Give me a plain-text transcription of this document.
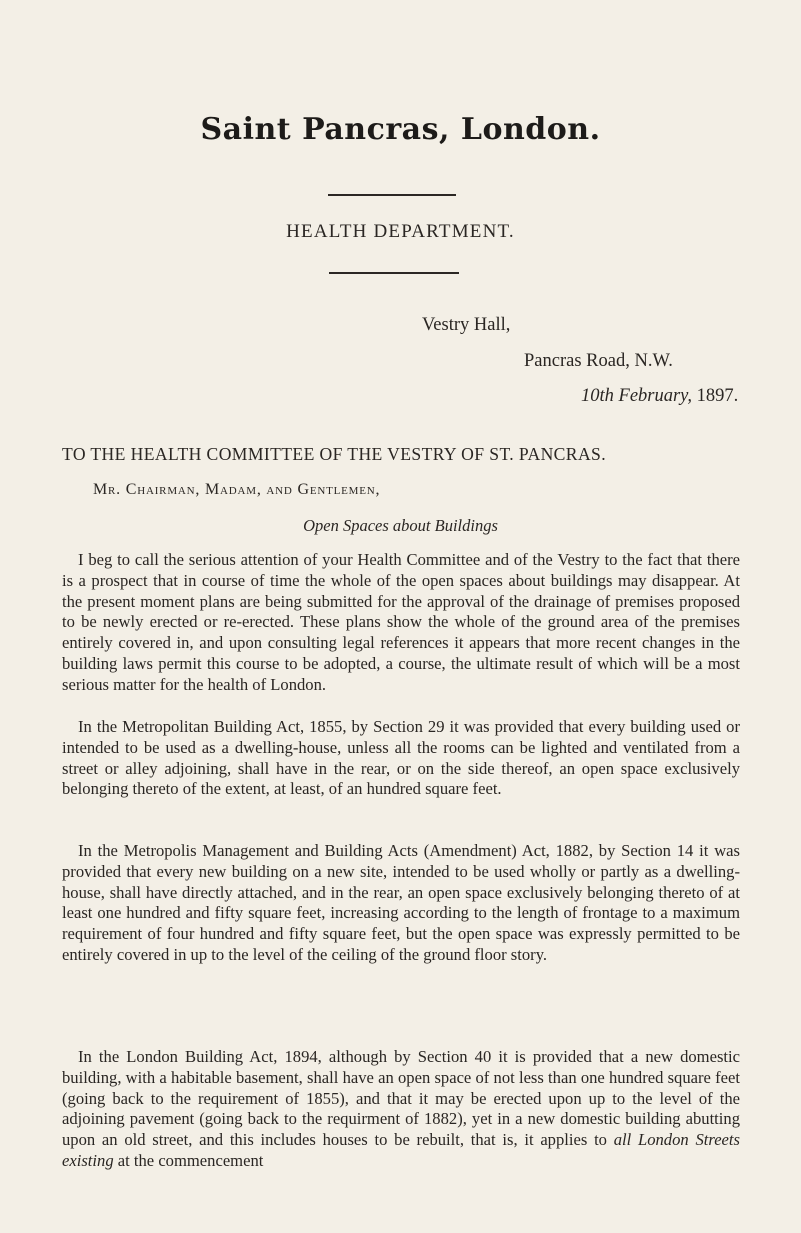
Saint Pancras, London.
HEALTH DEPARTMENT.
Vestry Hall,
Pancras Road, N.W.
10th February, 1897.
TO THE HEALTH COMMITTEE OF THE VESTRY OF ST. PANCRAS.
Mr. Chairman, Madam, and Gentlemen,
Open Spaces about Buildings

I beg to call the serious attention of your Health Committee and of the Vestry to the fact that there is a prospect that in course of time the whole of the open spaces about buildings may disappear. At the present moment plans are being submitted for the approval of the drainage of premises proposed to be newly erected or re-erected. These plans show the whole of the ground area of the premises entirely covered in, and upon consulting legal references it appears that more recent changes in the building laws permit this course to be adopted, a course, the ultimate result of which will be a most serious matter for the health of London.

In the Metropolitan Building Act, 1855, by Section 29 it was provided that every building used or intended to be used as a dwelling-house, unless all the rooms can be lighted and ventilated from a street or alley adjoining, shall have in the rear, or on the side thereof, an open space exclusively belonging thereto of the extent, at least, of an hundred square feet.

In the Metropolis Management and Building Acts (Amendment) Act, 1882, by Section 14 it was provided that every new building on a new site, intended to be used wholly or partly as a dwelling-house, shall have directly attached, and in the rear, an open space exclusively belonging thereto of at least one hundred and fifty square feet, increasing according to the length of frontage to a maximum requirement of four hundred and fifty square feet, but the open space was expressly permitted to be entirely covered in up to the level of the ceiling of the ground floor story.

In the London Building Act, 1894, although by Section 40 it is provided that a new domestic building, with a habitable basement, shall have an open space of not less than one hundred square feet (going back to the requirement of 1855), and that it may be erected upon up to the level of the adjoining pavement (going back to the requirment of 1882), yet in a new domestic building abutting upon an old street, and this includes houses to be rebuilt, that is, it applies to all London Streets existing at the commencement
